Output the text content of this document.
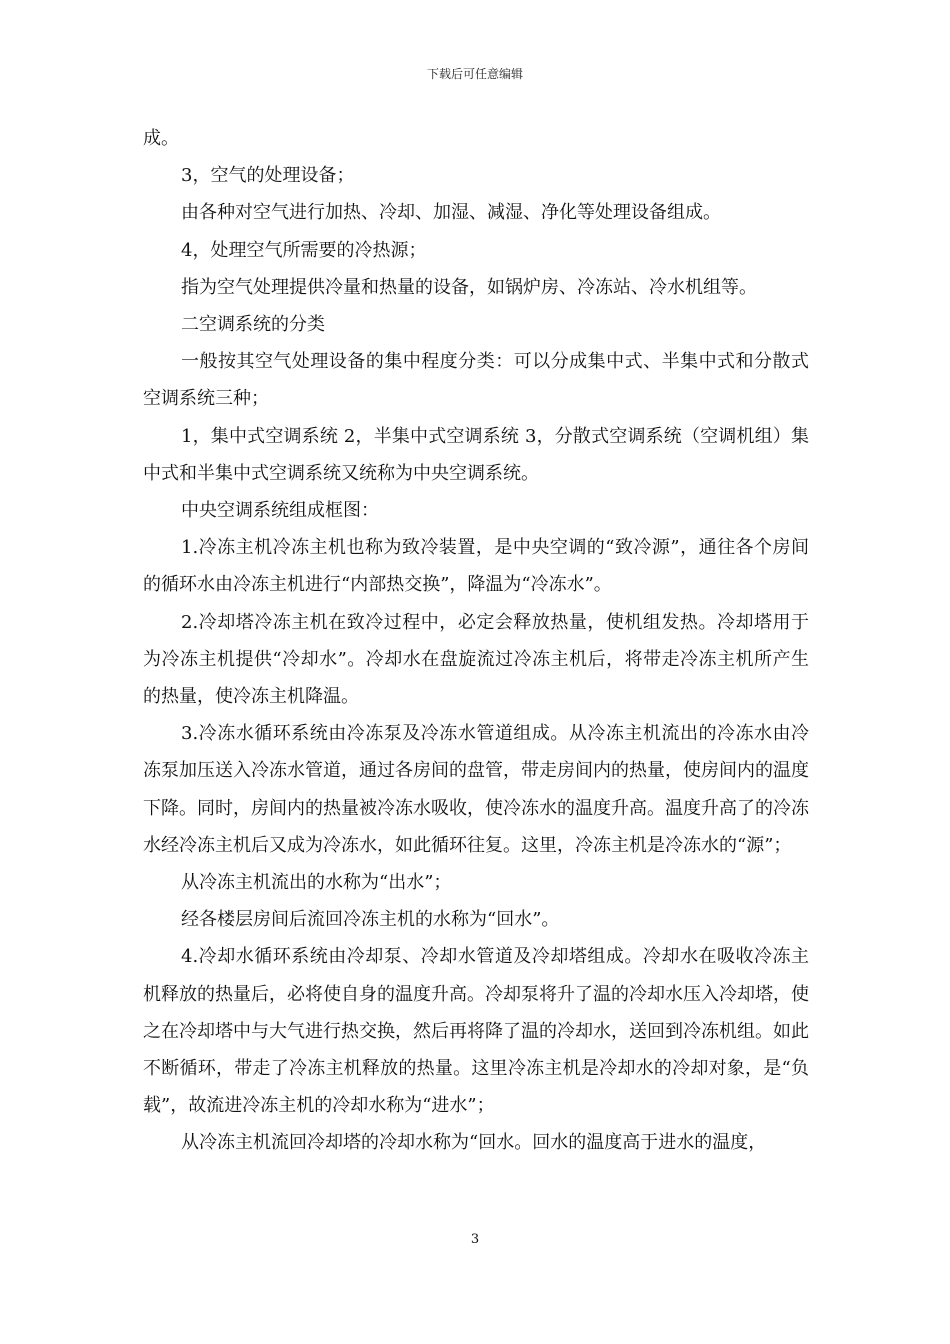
下载后可任意编辑

成。

3，空气的处理设备；

由各种对空气进行加热、冷却、加湿、减湿、净化等处理设备组成。

4，处理空气所需要的冷热源；

指为空气处理提供冷量和热量的设备，如锅炉房、冷冻站、冷水机组等。

二空调系统的分类

一般按其空气处理设备的集中程度分类：可以分成集中式、半集中式和分散式空调系统三种；

1，集中式空调系统 2，半集中式空调系统 3，分散式空调系统（空调机组）集中式和半集中式空调系统又统称为中央空调系统。

中央空调系统组成框图：

1.冷冻主机冷冻主机也称为致冷装置，是中央空调的“致冷源”，通往各个房间的循环水由冷冻主机进行“内部热交换”，降温为“冷冻水”。

2.冷却塔冷冻主机在致冷过程中，必定会释放热量，使机组发热。冷却塔用于为冷冻主机提供“冷却水”。冷却水在盘旋流过冷冻主机后，将带走冷冻主机所产生的热量，使冷冻主机降温。

3.冷冻水循环系统由冷冻泵及冷冻水管道组成。从冷冻主机流出的冷冻水由冷冻泵加压送入冷冻水管道，通过各房间的盘管，带走房间内的热量，使房间内的温度下降。同时，房间内的热量被冷冻水吸收，使冷冻水的温度升高。温度升高了的冷冻水经冷冻主机后又成为冷冻水，如此循环往复。这里，冷冻主机是冷冻水的“源”；

从冷冻主机流出的水称为“出水”；

经各楼层房间后流回冷冻主机的水称为“回水”。

4.冷却水循环系统由冷却泵、冷却水管道及冷却塔组成。冷却水在吸收冷冻主机释放的热量后，必将使自身的温度升高。冷却泵将升了温的冷却水压入冷却塔，使之在冷却塔中与大气进行热交换，然后再将降了温的冷却水，送回到冷冻机组。如此不断循环，带走了冷冻主机释放的热量。这里冷冻主机是冷却水的冷却对象，是“负载”，故流进冷冻主机的冷却水称为“进水”；

从冷冻主机流回冷却塔的冷却水称为“回水。回水的温度高于进水的温度，

3
